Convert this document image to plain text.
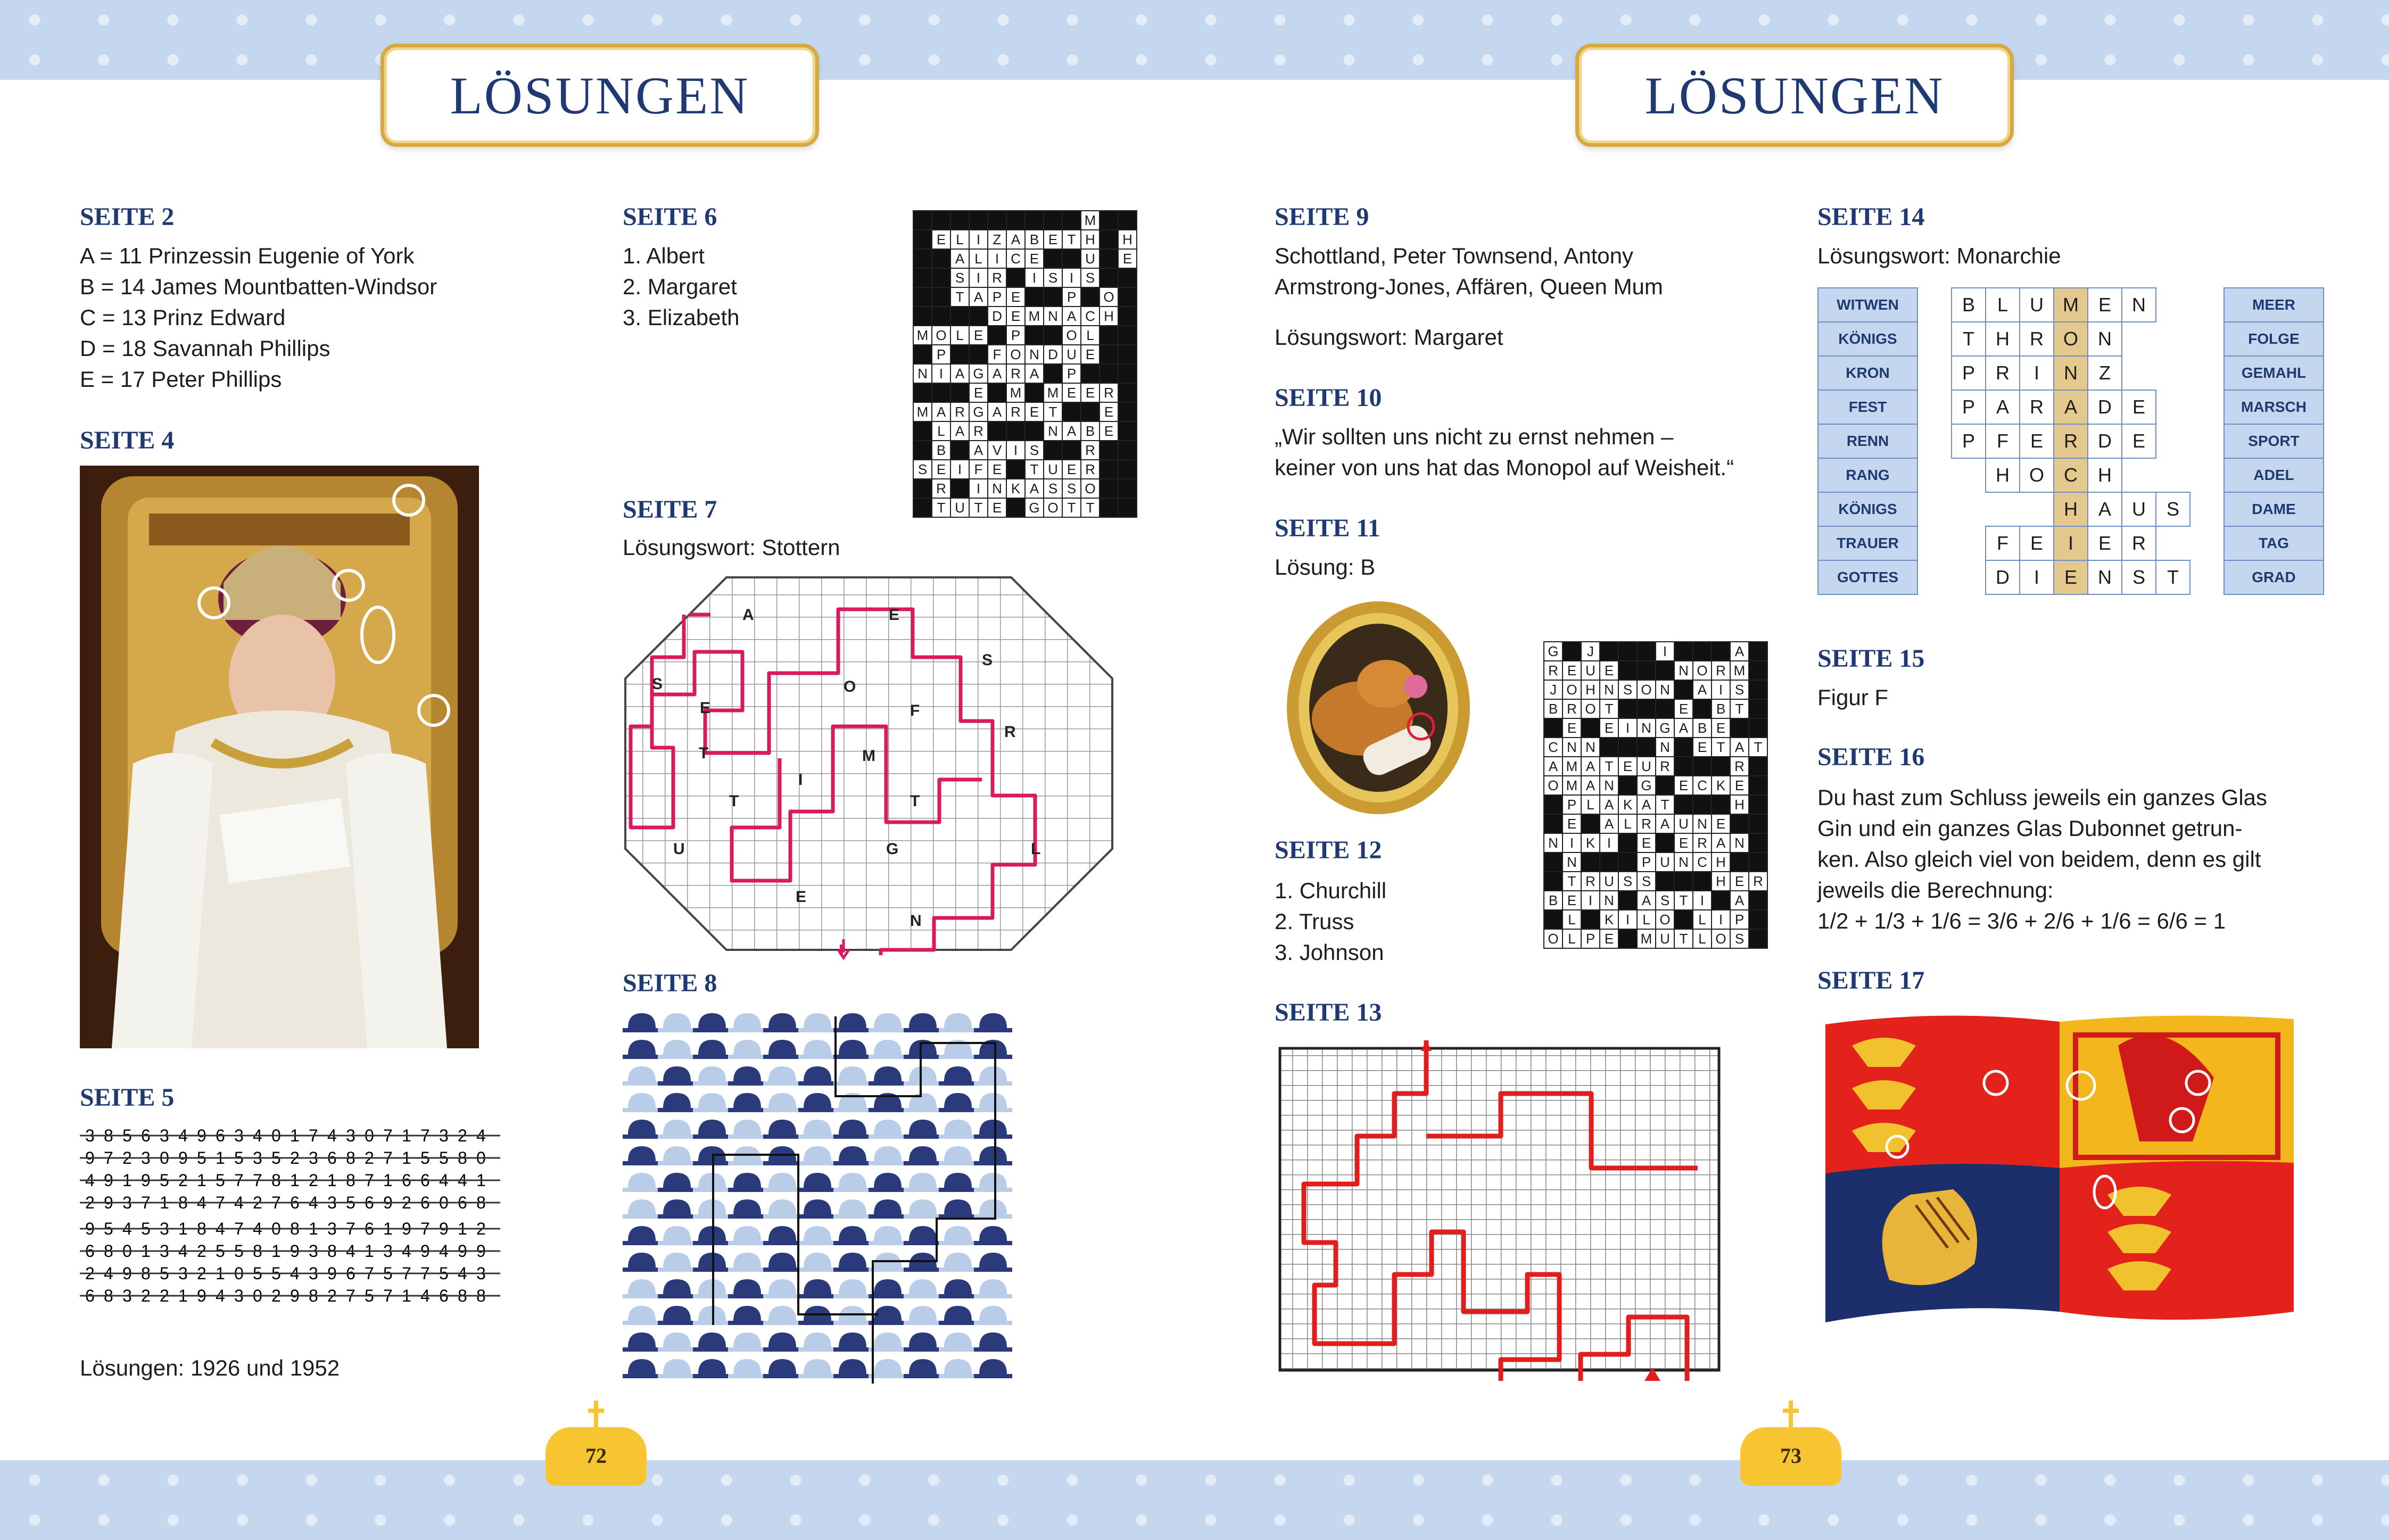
LÖSUNGEN	LÖSUNGEN
SEITE 2
A = 11 Prinzessin Eugenie of York
B = 14 James Mountbatten-Windsor
C = 13 Prinz Edward
D = 18 Savannah Phillips
E = 17 Peter Phillips
SEITE 4
SEITE 5
3 8 5 6 3 4 9 6 3 4 0 1 7 4 3 0 7 1 7 3 2 4
9 7 2 3 0 9 5 1 5 3 5 2 3 6 8 2 7 1 5 5 8 0
4 9 1 9 5 2 1 5 7 7 8 1 2 1 8 7 1 6 6 4 4 1
2 9 3 7 1 8 4 7 4 2 7 6 4 3 5 6 9 2 6 0 6 8
9 5 4 5 3 1 8 4 7 4 0 8 1 3 7 6 1 9 7 9 1 2
6 8 0 1 3 4 2 5 5 8 1 9 3 8 4 1 3 4 9 4 9 9
2 4 9 8 5 3 2 1 0 5 5 4 3 9 6 7 5 7 7 5 4 3
6 8 3 2 2 1 9 4 3 0 2 9 8 2 7 5 7 1 4 6 8 8
Lösungen: 1926 und 1952
SEITE 6
1. Albert
2. Margaret
3. Elizabeth
									M		
	E	L	I	Z	A	B	E	T	H		H
		A	L	I	C	E			U		E
		S	I	R		I	S	I	S		
		T	A	P	E			P		O	
				D	E	M	N	A	C	H	
M	O	L	E		P			O	L		
	P			F	O	N	D	U	E		
N	I	A	G	A	R	A		P			
			E		M		M	E	E	R	
M	A	R	G	A	R	E	T			E	
	L	A	R				N	A	B	E	
	B		A	V	I	S			R		
S	E	I	F	E		T	U	E	R		
	R		I	N	K	A	S	S	O		
	T	U	T	E		G	O	T	T		
SEITE 7
Lösungswort: Stottern
A	E
S
S
E
O
F
R
T	M
I
T
T
U	G	L
E
N
SEITE 8
72
SEITE 9
Schottland, Peter Townsend, Antony
Armstrong-Jones, Affären, Queen Mum
Lösungswort: Margaret
SEITE 10
„Wir sollten uns nicht zu ernst nehmen –
keiner von uns hat das Monopol auf Weisheit.“
SEITE 11
Lösung: B
G		J				I				A	
R	E	U	E				N	O	R	M	
J	O	H	N	S	O	N		A	I	S	
B	R	O	T				E		B	T	
	E		E	I	N	G	A	B	E		
C	N	N				N		E	T	A	T
A	M	A	T	E	U	R				R	
O	M	A	N		G		E	C	K	E	
	P	L	A	K	A	T				H	
	E		A	L	R	A	U	N	E		
N	I	K	I		E		E	R	A	N	
	N				P	U	N	C	H		
	T	R	U	S	S				H	E	R
B	E	I	N		A	S	T	I		A	
	L		K	I	L	O		L	I	P	
O	L	P	E		M	U	T	L	O	S	
SEITE 12
1. Churchill
2. Truss
3. Johnson
SEITE 13
SEITE 14
Lösungswort: Monarchie
WITWEN		B	L	U	M	E	N			MEER
KÖNIGS		T	H	R	O	N				FOLGE
KRON		P	R	I	N	Z				GEMAHL
FEST		P	A	R	A	D	E			MARSCH
RENN		P	F	E	R	D	E			SPORT
RANG			H	O	C	H				ADEL
KÖNIGS					H	A	U	S		DAME
TRAUER			F	E	I	E	R			TAG
GOTTES			D	I	E	N	S	T		GRAD
SEITE 15
Figur F
SEITE 16
Du hast zum Schluss jeweils ein ganzes Glas
Gin und ein ganzes Glas Dubonnet getrun-
ken. Also gleich viel von beidem, denn es gilt
jeweils die Berechnung:
1/2 + 1/3 + 1/6 = 3/6 + 2/6 + 1/6 = 6/6 = 1
SEITE 17
73
